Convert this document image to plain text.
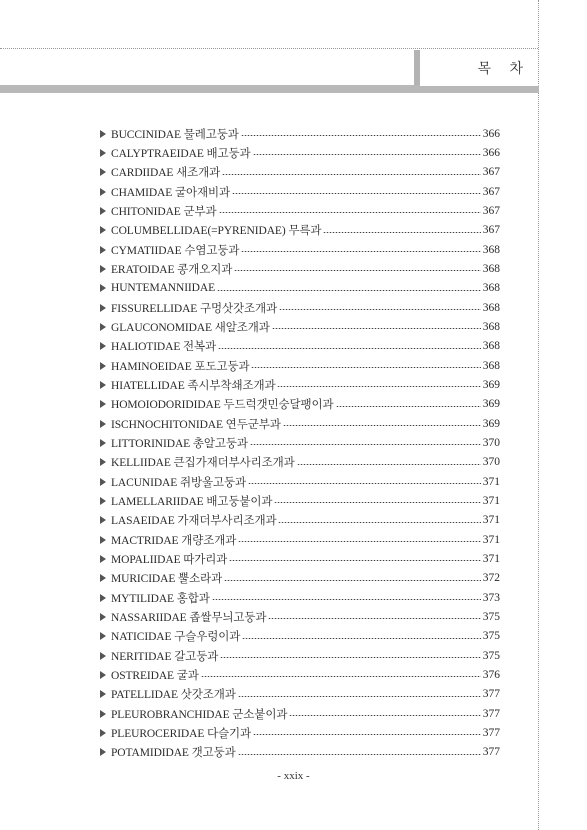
목 차
BUCCINIDAE 물레고둥과	366
CALYPTRAEIDAE 배고둥과	366
CARDIIDAE 새조개과	367
CHAMIDAE 굴아재비과	367
CHITONIDAE 군부과	367
COLUMBELLIDAE(=PYRENIDAE) 무륵과	367
CYMATIIDAE 수염고둥과	368
ERATOIDAE 콩개오지과	368
HUNTEMANNIIDAE	368
FISSURELLIDAE 구멍삿갓조개과	368
GLAUCONOMIDAE 새알조개과	368
HALIOTIDAE 전복과	368
HAMINOEIDAE 포도고둥과	368
HIATELLIDAE 족시부착쇄조개과	369
HOMOIODORIDIDAE 두드럭갯민숭달팽이과	369
ISCHNOCHITONIDAE 연두군부과	369
LITTORINIDAE 총알고둥과	370
KELLIIDAE 큰집가재더부사리조개과	370
LACUNIDAE 쥐방울고둥과	371
LAMELLARIIDAE 배고둥붙이과	371
LASAEIDAE 가재더부사리조개과	371
MACTRIDAE 개량조개과	371
MOPALIIDAE 따가리과	371
MURICIDAE 뿔소라과	372
MYTILIDAE 홍합과	373
NASSARIIDAE 좁쌀무늬고둥과	375
NATICIDAE 구슬우렁이과	375
NERITIDAE 갈고둥과	375
OSTREIDAE 굴과	376
PATELLIDAE 삿갓조개과	377
PLEUROBRANCHIDAE 군소붙이과	377
PLEUROCERIDAE 다슬기과	377
POTAMIDIDAE 갯고둥과	377
- xxix -
